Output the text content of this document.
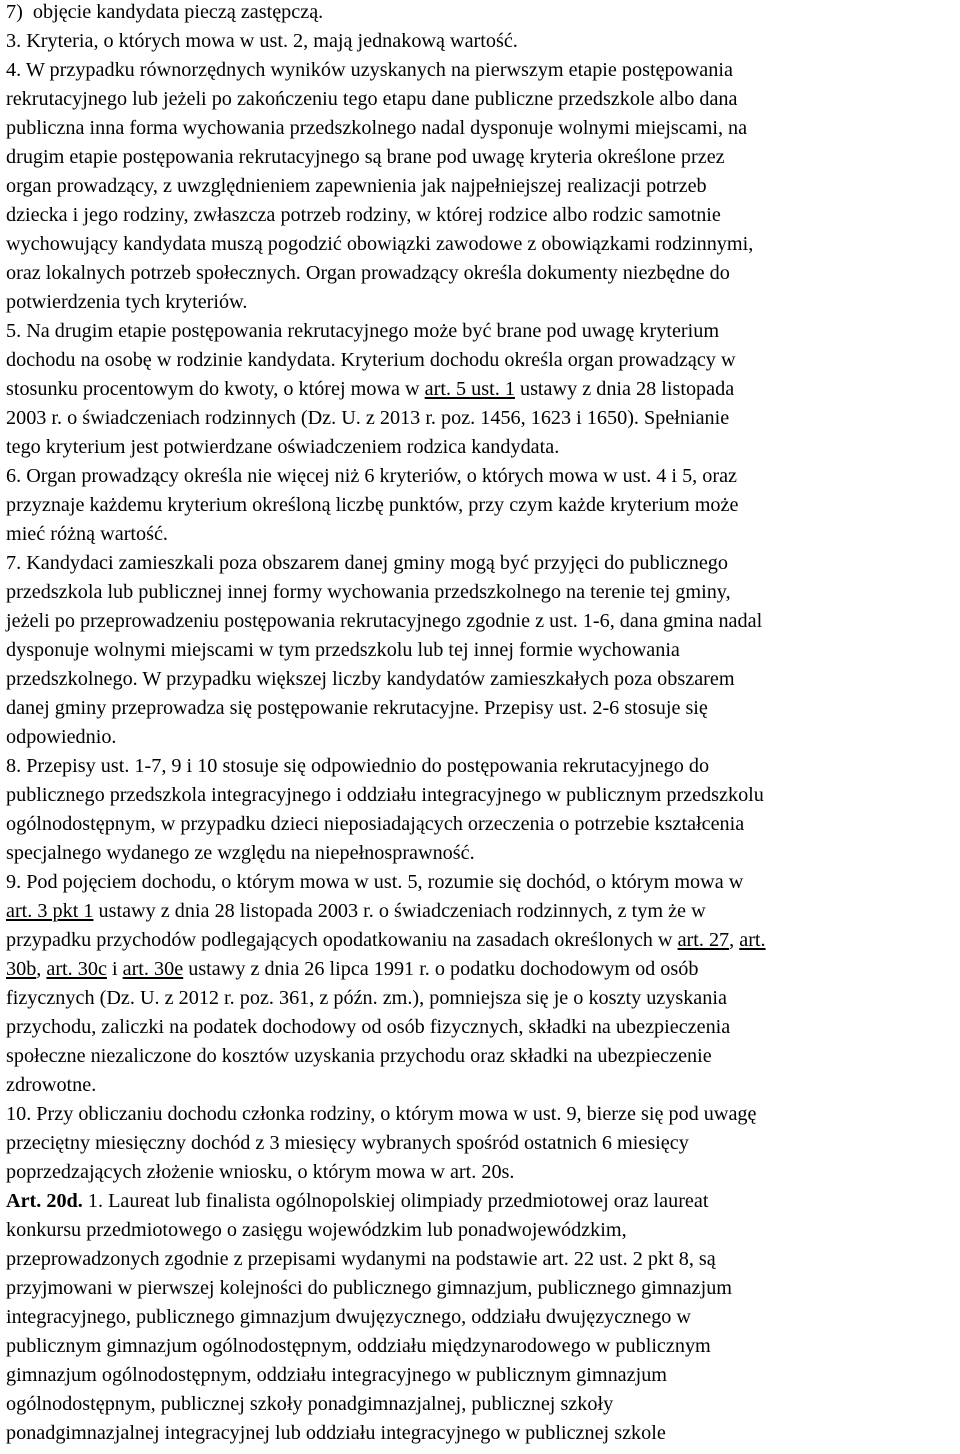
7)  objęcie kandydata pieczą zastępczą.
3. Kryteria, o których mowa w ust. 2, mają jednakową wartość.
4. W przypadku równorzędnych wyników uzyskanych na pierwszym etapie postępowania
rekrutacyjnego lub jeżeli po zakończeniu tego etapu dane publiczne przedszkole albo dana
publiczna inna forma wychowania przedszkolnego nadal dysponuje wolnymi miejscami, na
drugim etapie postępowania rekrutacyjnego są brane pod uwagę kryteria określone przez
organ prowadzący, z uwzględnieniem zapewnienia jak najpełniejszej realizacji potrzeb
dziecka i jego rodziny, zwłaszcza potrzeb rodziny, w której rodzice albo rodzic samotnie
wychowujący kandydata muszą pogodzić obowiązki zawodowe z obowiązkami rodzinnymi,
oraz lokalnych potrzeb społecznych. Organ prowadzący określa dokumenty niezbędne do
potwierdzenia tych kryteriów.
5. Na drugim etapie postępowania rekrutacyjnego może być brane pod uwagę kryterium
dochodu na osobę w rodzinie kandydata. Kryterium dochodu określa organ prowadzący w
stosunku procentowym do kwoty, o której mowa w art. 5 ust. 1 ustawy z dnia 28 listopada
2003 r. o świadczeniach rodzinnych (Dz. U. z 2013 r. poz. 1456, 1623 i 1650). Spełnianie
tego kryterium jest potwierdzane oświadczeniem rodzica kandydata.
6. Organ prowadzący określa nie więcej niż 6 kryteriów, o których mowa w ust. 4 i 5, oraz
przyznaje każdemu kryterium określoną liczbę punktów, przy czym każde kryterium może
mieć różną wartość.
7. Kandydaci zamieszkali poza obszarem danej gminy mogą być przyjęci do publicznego
przedszkola lub publicznej innej formy wychowania przedszkolnego na terenie tej gminy,
jeżeli po przeprowadzeniu postępowania rekrutacyjnego zgodnie z ust. 1-6, dana gmina nadal
dysponuje wolnymi miejscami w tym przedszkolu lub tej innej formie wychowania
przedszkolnego. W przypadku większej liczby kandydatów zamieszkałych poza obszarem
danej gminy przeprowadza się postępowanie rekrutacyjne. Przepisy ust. 2-6 stosuje się
odpowiednio.
8. Przepisy ust. 1-7, 9 i 10 stosuje się odpowiednio do postępowania rekrutacyjnego do
publicznego przedszkola integracyjnego i oddziału integracyjnego w publicznym przedszkolu
ogólnodostępnym, w przypadku dzieci nieposiadających orzeczenia o potrzebie kształcenia
specjalnego wydanego ze względu na niepełnosprawność.
9. Pod pojęciem dochodu, o którym mowa w ust. 5, rozumie się dochód, o którym mowa w
art. 3 pkt 1 ustawy z dnia 28 listopada 2003 r. o świadczeniach rodzinnych, z tym że w
przypadku przychodów podlegających opodatkowaniu na zasadach określonych w art. 27, art.
30b, art. 30c i art. 30e ustawy z dnia 26 lipca 1991 r. o podatku dochodowym od osób
fizycznych (Dz. U. z 2012 r. poz. 361, z późn. zm.), pomniejsza się je o koszty uzyskania
przychodu, zaliczki na podatek dochodowy od osób fizycznych, składki na ubezpieczenia
społeczne niezaliczone do kosztów uzyskania przychodu oraz składki na ubezpieczenie
zdrowotne.
10. Przy obliczaniu dochodu członka rodziny, o którym mowa w ust. 9, bierze się pod uwagę
przeciętny miesięczny dochód z 3 miesięcy wybranych spośród ostatnich 6 miesięcy
poprzedzających złożenie wniosku, o którym mowa w art. 20s.
Art. 20d. 1. Laureat lub finalista ogólnopolskiej olimpiady przedmiotowej oraz laureat
konkursu przedmiotowego o zasięgu wojewódzkim lub ponadwojewódzkim,
przeprowadzonych zgodnie z przepisami wydanymi na podstawie art. 22 ust. 2 pkt 8, są
przyjmowani w pierwszej kolejności do publicznego gimnazjum, publicznego gimnazjum
integracyjnego, publicznego gimnazjum dwujęzycznego, oddziału dwujęzycznego w
publicznym gimnazjum ogólnodostępnym, oddziału międzynarodowego w publicznym
gimnazjum ogólnodostępnym, oddziału integracyjnego w publicznym gimnazjum
ogólnodostępnym, publicznej szkoły ponadgimnazjalnej, publicznej szkoły
ponadgimnazjalnej integracyjnej lub oddziału integracyjnego w publicznej szkole
